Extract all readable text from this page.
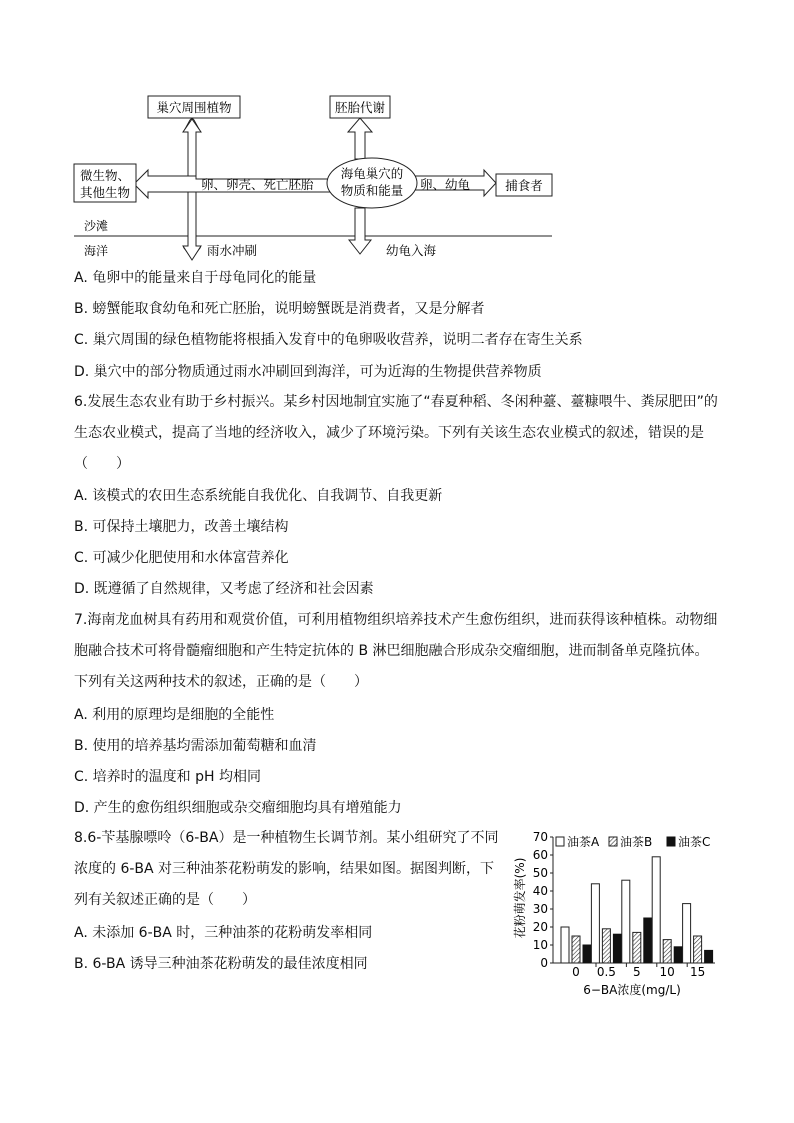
沙滩
海洋
巢穴周围植物	胚胎代谢
微生物、
其他生物	捕食者
海龟巢穴的
物质和能量
卵、卵壳、死亡胚胎	卵、幼龟
雨水冲刷	幼龟入海
A. 龟卵中的能量来自于母龟同化的能量
B. 螃蟹能取食幼龟和死亡胚胎，说明螃蟹既是消费者，又是分解者
C. 巢穴周围的绿色植物能将根插入发育中的龟卵吸收营养，说明二者存在寄生关系
D. 巢穴中的部分物质通过雨水冲刷回到海洋，可为近海的生物提供营养物质
6.发展生态农业有助于乡村振兴。某乡村因地制宜实施了“春夏种稻、冬闲种薹、薹糠喂牛、粪尿肥田”的生态农业模式，提高了当地的经济收入，减少了环境污染。下列有关该生态农业模式的叙述，错误的是（　　）
A. 该模式的农田生态系统能自我优化、自我调节、自我更新
B. 可保持土壤肥力，改善土壤结构
C. 可减少化肥使用和水体富营养化
D. 既遵循了自然规律，又考虑了经济和社会因素
7.海南龙血树具有药用和观赏价值，可利用植物组织培养技术产生愈伤组织，进而获得该种植株。动物细胞融合技术可将骨髓瘤细胞和产生特定抗体的 B 淋巴细胞融合形成杂交瘤细胞，进而制备单克隆抗体。下列有关这两种技术的叙述，正确的是（　　）
A. 利用的原理均是细胞的全能性
B. 使用的培养基均需添加葡萄糖和血清
C. 培养时的温度和 pH 均相同
D. 产生的愈伤组织细胞或杂交瘤细胞均具有增殖能力
8.6-苄基腺嘌呤（6-BA）是一种植物生长调节剂。某小组研究了不同浓度的 6-BA 对三种油茶花粉萌发的影响，结果如图。据图判断，下列有关叙述正确的是（　　）
A. 未添加 6-BA 时，三种油茶的花粉萌发率相同
B. 6-BA 诱导三种油茶花粉萌发的最佳浓度相同	0
10
20
30
40
50
60
70
0 0.5 5 10 15
油茶A 油茶B 油茶C
花粉萌发率(%)
6−BA浓度(mg/L)
